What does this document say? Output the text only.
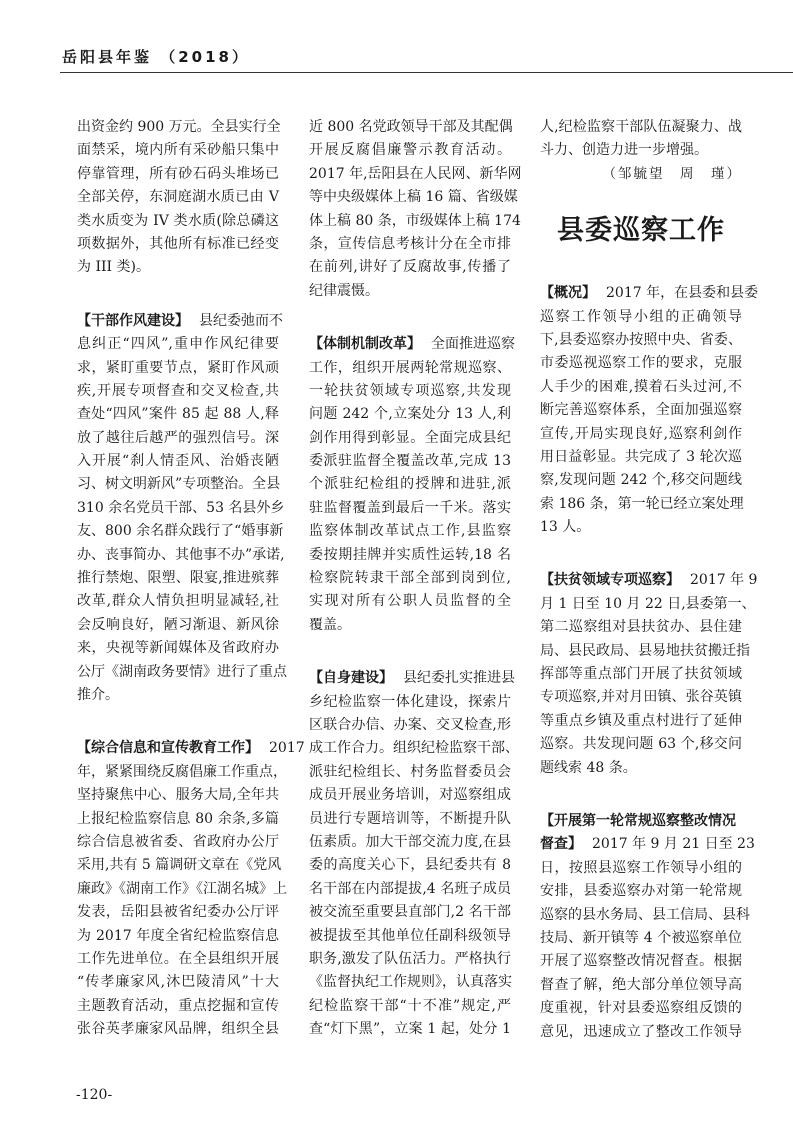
岳阳县年鉴 （2018）
出资金约 900 万元。全县实行全
面禁采，境内所有采砂船只集中
停靠管理，所有砂石码头堆场已
全部关停，东洞庭湖水质已由 V
类水质变为 IV 类水质(除总磷这
项数据外，其他所有标准已经变
为 III 类)。
【干部作风建设】 县纪委弛而不
息纠正“四风”,重申作风纪律要
求，紧盯重要节点，紧盯作风顽
疾,开展专项督查和交叉检查,共
查处“四风”案件 85 起 88 人,释
放了越往后越严的强烈信号。深
入开展“刹人情歪风、治婚丧陋
习、树文明新风”专项整治。全县
310 余名党员干部、53 名县外乡
友、800 余名群众践行了“婚事新
办、丧事简办、其他事不办”承诺,
推行禁炮、限塑、限宴,推进殡葬
改革,群众人情负担明显减轻,社
会反响良好，陋习渐退、新风徐
来，央视等新闻媒体及省政府办
公厅《湖南政务要情》进行了重点
推介。
【综合信息和宣传教育工作】 2017
年，紧紧围绕反腐倡廉工作重点，
坚持聚焦中心、服务大局,全年共
上报纪检监察信息 80 余条,多篇
综合信息被省委、省政府办公厅
采用,共有 5 篇调研文章在《党风
廉政》《湖南工作》《江湖名城》上
发表，岳阳县被省纪委办公厅评
为 2017 年度全省纪检监察信息
工作先进单位。在全县组织开展
“传孝廉家风,沐巴陵清风”十大
主题教育活动，重点挖掘和宣传
张谷英孝廉家风品牌，组织全县
近 800 名党政领导干部及其配偶
开展反腐倡廉警示教育活动。
2017 年,岳阳县在人民网、新华网
等中央级媒体上稿 16 篇、省级媒
体上稿 80 条，市级媒体上稿 174
条，宣传信息考核计分在全市排
在前列,讲好了反腐故事,传播了
纪律震慑。
【体制机制改革】 全面推进巡察
工作，组织开展两轮常规巡察、
一轮扶贫领域专项巡察,共发现
问题 242 个,立案处分 13 人,利
剑作用得到彰显。全面完成县纪
委派驻监督全覆盖改革,完成 13
个派驻纪检组的授牌和进驻,派
驻监督覆盖到最后一千米。落实
监察体制改革试点工作,县监察
委按期挂牌并实质性运转,18 名
检察院转隶干部全部到岗到位,
实现对所有公职人员监督的全
覆盖。
【自身建设】 县纪委扎实推进县
乡纪检监察一体化建设，探索片
区联合办信、办案、交叉检查,形
成工作合力。组织纪检监察干部、
派驻纪检组长、村务监督委员会
成员开展业务培训，对巡察组成
员进行专题培训等，不断提升队
伍素质。加大干部交流力度,在县
委的高度关心下，县纪委共有 8
名干部在内部提拔,4 名班子成员
被交流至重要县直部门,2 名干部
被提拔至其他单位任副科级领导
职务,激发了队伍活力。严格执行
《监督执纪工作规则》，认真落实
纪检监察干部“十不准”规定,严
查“灯下黑”，立案 1 起，处分 1
人,纪检监察干部队伍凝聚力、战
斗力、创造力进一步增强。
（邹毓望　周　瑾）
县委巡察工作
【概况】 2017 年，在县委和县委
巡察工作领导小组的正确领导
下,县委巡察办按照中央、省委、
市委巡视巡察工作的要求，克服
人手少的困难,摸着石头过河,不
断完善巡察体系，全面加强巡察
宣传,开局实现良好,巡察利剑作
用日益彰显。共完成了 3 轮次巡
察,发现问题 242 个,移交问题线
索 186 条，第一轮已经立案处理
13 人。
【扶贫领域专项巡察】 2017 年 9
月 1 日至 10 月 22 日,县委第一、
第二巡察组对县扶贫办、县住建
局、县民政局、县易地扶贫搬迁指
挥部等重点部门开展了扶贫领域
专项巡察,并对月田镇、张谷英镇
等重点乡镇及重点村进行了延伸
巡察。共发现问题 63 个,移交问
题线索 48 条。
【开展第一轮常规巡察整改情况
督查】 2017 年 9 月 21 日至 23
日，按照县巡察工作领导小组的
安排，县委巡察办对第一轮常规
巡察的县水务局、县工信局、县科
技局、新开镇等 4 个被巡察单位
开展了巡察整改情况督查。根据
督查了解，绝大部分单位领导高
度重视，针对县委巡察组反馈的
意见，迅速成立了整改工作领导
-120-
